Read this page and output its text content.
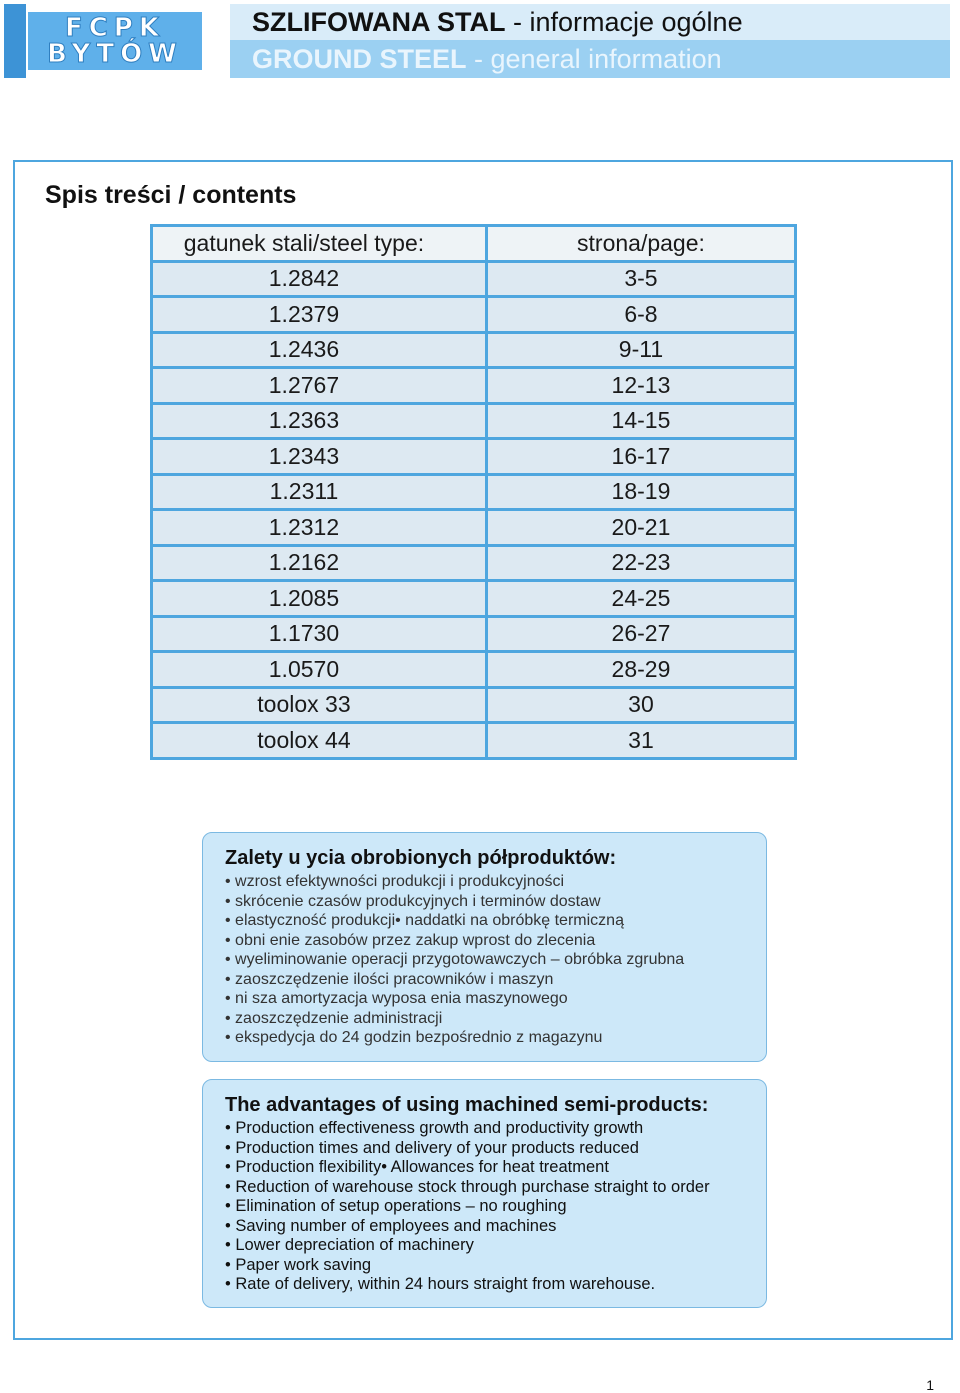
FCPK
BYTÓW
SZLIFOWANA STAL - informacje ogólne
GROUND STEEL - general information
Spis treści / contents
gatunek stali/steel type:	strona/page:
1.2842	3-5
1.2379	6-8
1.2436	9-11
1.2767	12-13
1.2363	14-15
1.2343	16-17
1.2311	18-19
1.2312	20-21
1.2162	22-23
1.2085	24-25
1.1730	26-27
1.0570	28-29
toolox 33	30
toolox 44	31
Zalety u ycia obrobionych półproduktów:
• wzrost efektywności produkcji i produkcyjności
• skrócenie czasów produkcyjnych i terminów dostaw
• elastyczność produkcji• naddatki na obróbkę termiczną
• obni enie zasobów przez zakup wprost do zlecenia
• wyeliminowanie operacji przygotowawczych – obróbka zgrubna
• zaoszczędzenie ilości pracowników i maszyn
• ni sza amortyzacja wyposa enia maszynowego
• zaoszczędzenie administracji
• ekspedycja do 24 godzin bezpośrednio z magazynu
The advantages of using machined semi-products:
• Production effectiveness growth and productivity growth
• Production times and delivery of your products reduced
• Production flexibility• Allowances for heat treatment
• Reduction of warehouse stock through purchase straight to order
• Elimination of setup operations – no roughing
• Saving number of employees and machines
• Lower depreciation of machinery
• Paper work saving
• Rate of delivery, within 24 hours straight from warehouse.
1
